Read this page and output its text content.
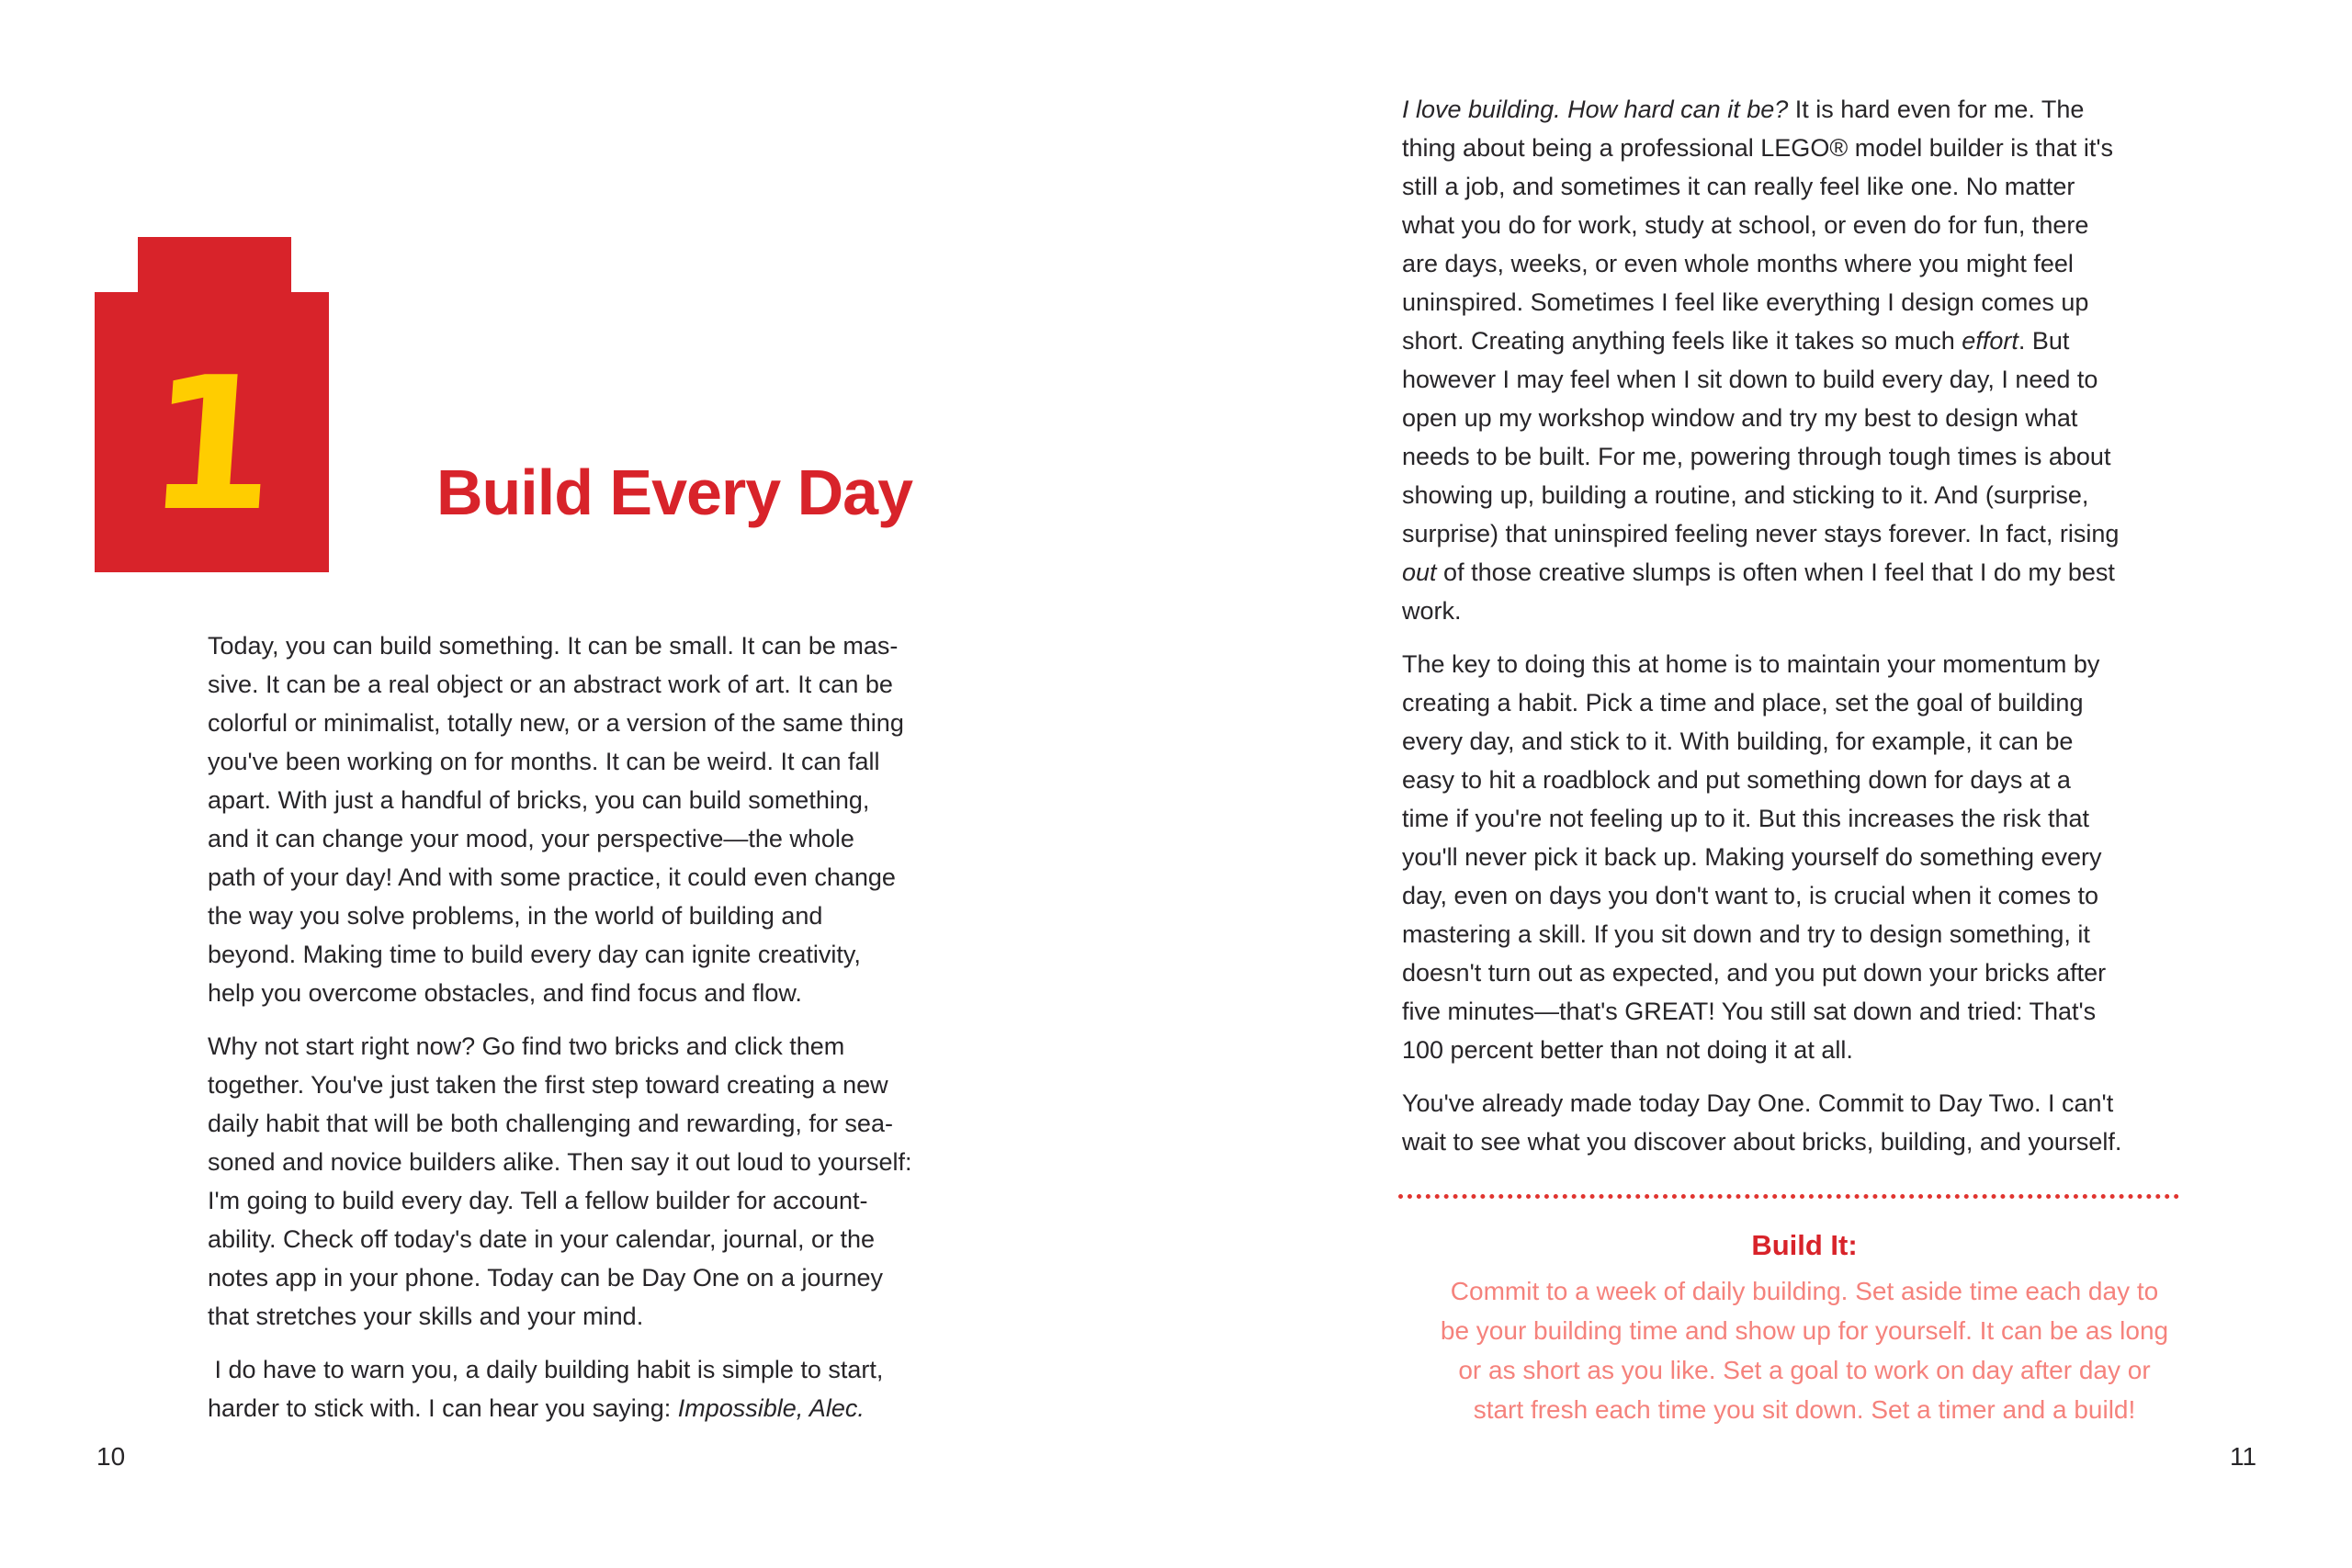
1 Build Every Day
Today, you can build something. It can be small. It can be mas-
sive. It can be a real object or an abstract work of art. It can be
colorful or minimalist, totally new, or a version of the same thing
you've been working on for months. It can be weird. It can fall
apart. With just a handful of bricks, you can build something,
and it can change your mood, your perspective—the whole
path of your day! And with some practice, it could even change
the way you solve problems, in the world of building and
beyond. Making time to build every day can ignite creativity,
help you overcome obstacles, and find focus and flow.
Why not start right now? Go find two bricks and click them
together. You've just taken the first step toward creating a new
daily habit that will be both challenging and rewarding, for sea-
soned and novice builders alike. Then say it out loud to yourself:
I'm going to build every day. Tell a fellow builder for account-
ability. Check off today's date in your calendar, journal, or the
notes app in your phone. Today can be Day One on a journey
that stretches your skills and your mind.
I do have to warn you, a daily building habit is simple to start,
harder to stick with. I can hear you saying: Impossible, Alec.
10
I love building. How hard can it be? It is hard even for me. The
thing about being a professional LEGO® model builder is that it's
still a job, and sometimes it can really feel like one. No matter
what you do for work, study at school, or even do for fun, there
are days, weeks, or even whole months where you might feel
uninspired. Sometimes I feel like everything I design comes up
short. Creating anything feels like it takes so much effort. But
however I may feel when I sit down to build every day, I need to
open up my workshop window and try my best to design what
needs to be built. For me, powering through tough times is about
showing up, building a routine, and sticking to it. And (surprise,
surprise) that uninspired feeling never stays forever. In fact, rising
out of those creative slumps is often when I feel that I do my best
work.
The key to doing this at home is to maintain your momentum by
creating a habit. Pick a time and place, set the goal of building
every day, and stick to it. With building, for example, it can be
easy to hit a roadblock and put something down for days at a
time if you're not feeling up to it. But this increases the risk that
you'll never pick it back up. Making yourself do something every
day, even on days you don't want to, is crucial when it comes to
mastering a skill. If you sit down and try to design something, it
doesn't turn out as expected, and you put down your bricks after
five minutes—that's GREAT! You still sat down and tried: That's
100 percent better than not doing it at all.
You've already made today Day One. Commit to Day Two. I can't
wait to see what you discover about bricks, building, and yourself.
Build It:
Commit to a week of daily building. Set aside time each day to
be your building time and show up for yourself. It can be as long
or as short as you like. Set a goal to work on day after day or
start fresh each time you sit down. Set a timer and a build!
11
